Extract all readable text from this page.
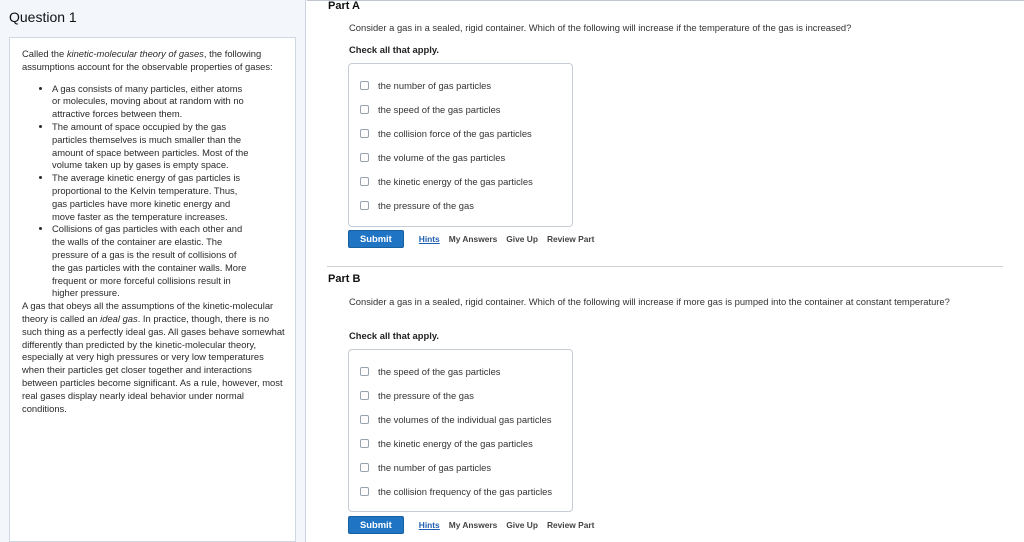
Question 1

Called the kinetic-molecular theory of gases, the following assumptions account for the observable properties of gases:

• A gas consists of many particles, either atoms or molecules, moving about at random with no attractive forces between them.
• The amount of space occupied by the gas particles themselves is much smaller than the amount of space between particles. Most of the volume taken up by gases is empty space.
• The average kinetic energy of gas particles is proportional to the Kelvin temperature. Thus, gas particles have more kinetic energy and move faster as the temperature increases.
• Collisions of gas particles with each other and the walls of the container are elastic. The pressure of a gas is the result of collisions of the gas particles with the container walls. More frequent or more forceful collisions result in higher pressure.

A gas that obeys all the assumptions of the kinetic-molecular theory is called an ideal gas. In practice, though, there is no such thing as a perfectly ideal gas. All gases behave somewhat differently than predicted by the kinetic-molecular theory, especially at very high pressures or very low temperatures when their particles get closer together and interactions between particles become significant. As a rule, however, most real gases display nearly ideal behavior under normal conditions.

Part A
Consider a gas in a sealed, rigid container. Which of the following will increase if the temperature of the gas is increased?
Check all that apply.
the number of gas particles
the speed of the gas particles
the collision force of the gas particles
the volume of the gas particles
the kinetic energy of the gas particles
the pressure of the gas
Submit	Hints My Answers Give Up Review Part
Part B
Consider a gas in a sealed, rigid container. Which of the following will increase if more gas is pumped into the container at constant temperature?
Check all that apply.
the speed of the gas particles
the pressure of the gas
the volumes of the individual gas particles
the kinetic energy of the gas particles
the number of gas particles
the collision frequency of the gas particles
Submit	Hints My Answers Give Up Review Part
